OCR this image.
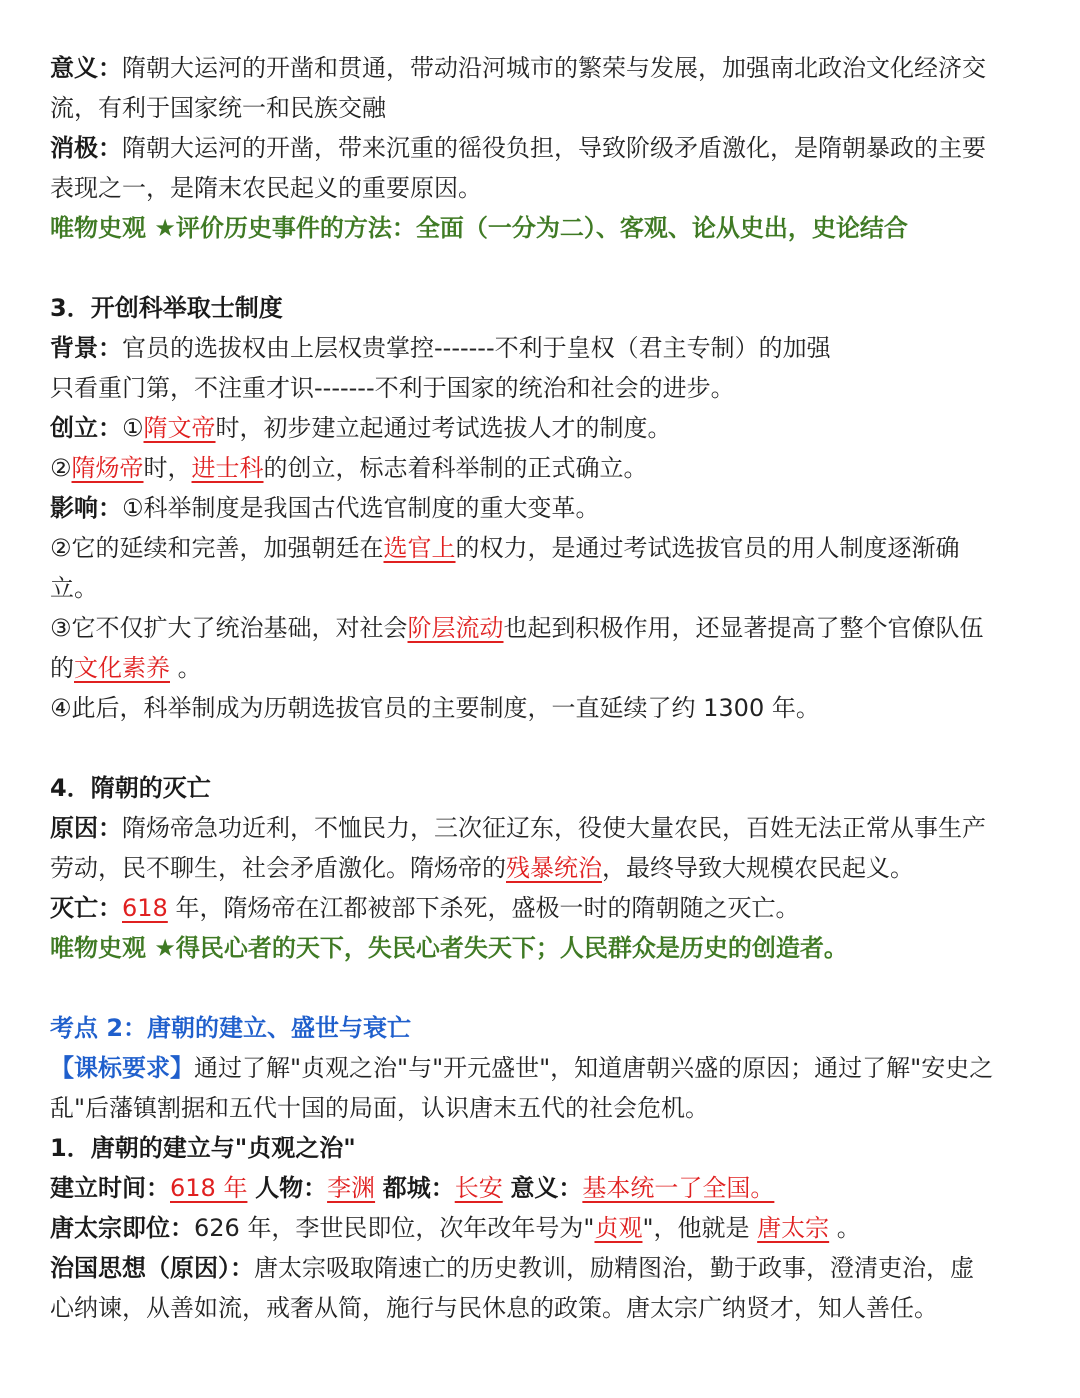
意义：隋朝大运河的开凿和贯通，带动沿河城市的繁荣与发展，加强南北政治文化经济交
流，有利于国家统一和民族交融
消极：隋朝大运河的开凿，带来沉重的徭役负担，导致阶级矛盾激化，是隋朝暴政的主要
表现之一，是隋末农民起义的重要原因。
唯物史观 ★评价历史事件的方法：全面（一分为二）、客观、论从史出，史论结合
3．开创科举取士制度
背景：官员的选拔权由上层权贵掌控-------不利于皇权（君主专制）的加强
只看重门第，不注重才识-------不利于国家的统治和社会的进步。
创立：①隋文帝时，初步建立起通过考试选拔人才的制度。
②隋炀帝时，进士科的创立，标志着科举制的正式确立。
影响：①科举制度是我国古代选官制度的重大变革。
②它的延续和完善，加强朝廷在选官上的权力，是通过考试选拔官员的用人制度逐渐确
立。
③它不仅扩大了统治基础，对社会阶层流动也起到积极作用，还显著提高了整个官僚队伍
的文化素养 。
④此后，科举制成为历朝选拔官员的主要制度，一直延续了约 1300 年。
4．隋朝的灭亡
原因：隋炀帝急功近利，不恤民力，三次征辽东，役使大量农民，百姓无法正常从事生产
劳动，民不聊生，社会矛盾激化。隋炀帝的残暴统治，最终导致大规模农民起义。
灭亡：618 年，隋炀帝在江都被部下杀死，盛极一时的隋朝随之灭亡。
唯物史观 ★得民心者的天下，失民心者失天下；人民群众是历史的创造者。
考点 2：唐朝的建立、盛世与衰亡
【课标要求】通过了解"贞观之治"与"开元盛世"，知道唐朝兴盛的原因；通过了解"安史之
乱"后藩镇割据和五代十国的局面，认识唐末五代的社会危机。
1．唐朝的建立与"贞观之治"
建立时间：618 年 人物：李渊 都城：长安 意义：基本统一了全国。
唐太宗即位：626 年，李世民即位，次年改年号为"贞观"，他就是 唐太宗 。
治国思想（原因）：唐太宗吸取隋速亡的历史教训，励精图治，勤于政事，澄清吏治，虚
心纳谏，从善如流，戒奢从简，施行与民休息的政策。唐太宗广纳贤才，知人善任。
